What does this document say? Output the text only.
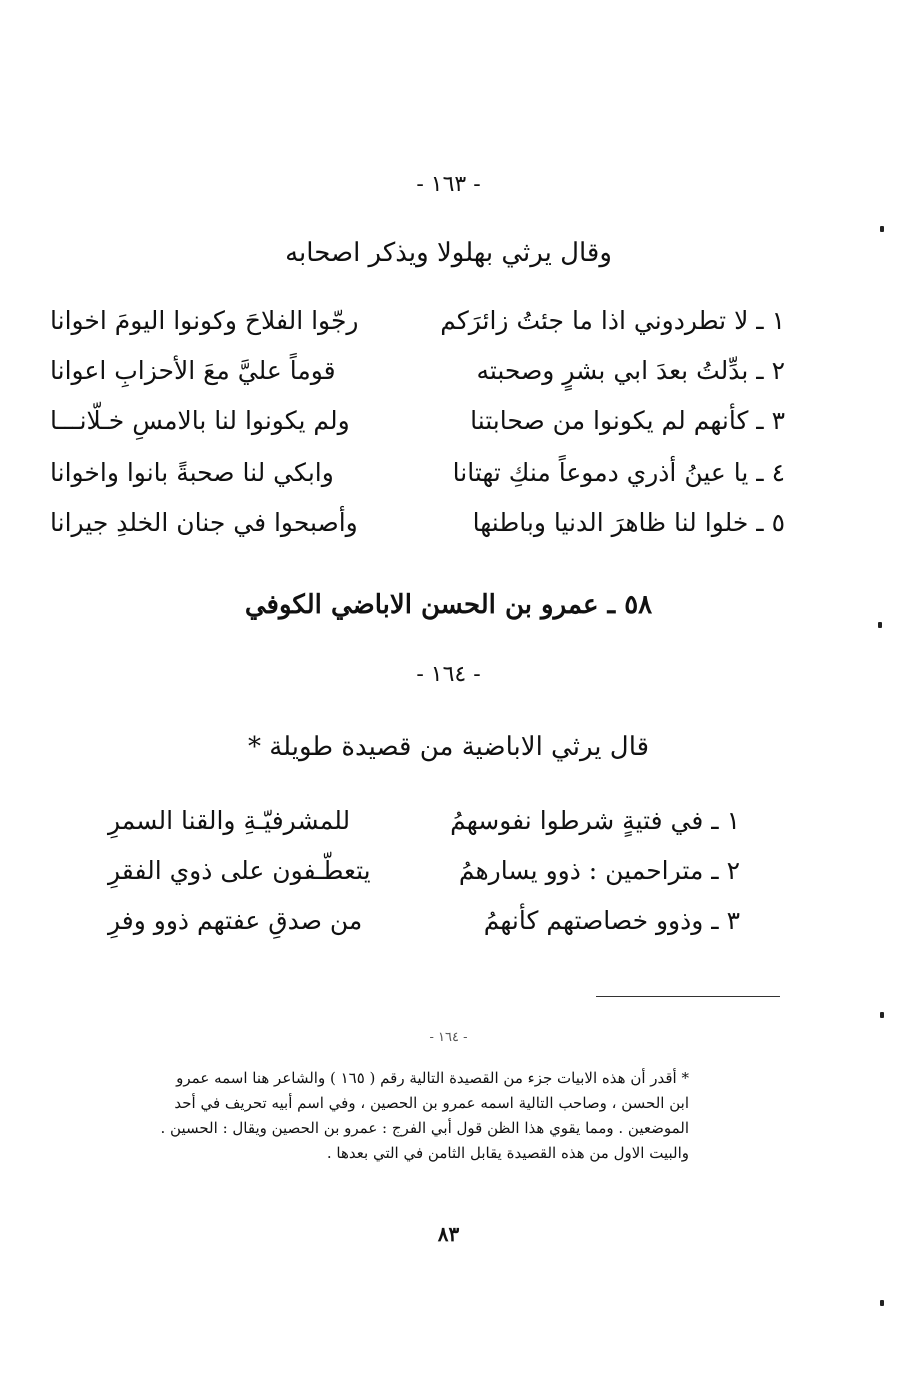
- ١٦٣ -
وقال يرثي بهلولا ويذكر اصحابه
١ ـ لا تطردوني اذا ما جئتُ زائرَكم
رجّوا الفلاحَ وكونوا اليومَ اخوانا
٢ ـ بدِّلتُ بعدَ ابي بشرٍ وصحبته
قوماً عليَّ معَ الأحزابِ اعوانا
٣ ـ كأنهم لم يكونوا من صحابتنا
ولم يكونوا لنا بالامسِ خـلّانـــا
٤ ـ يا عينُ أذري دموعاً منكِ تهتانا
وابكي لنا صحبةً بانوا واخوانا
٥ ـ خلوا لنا ظاهرَ الدنيا وباطنها
وأصبحوا في جنان الخلدِ جيرانا
٥٨ ـ عمرو بن الحسن الاباضي الكوفي
- ١٦٤ -
قال يرثي الاباضية من قصيدة طويلة *
١ ـ في فتيةٍ شرطوا نفوسهمُ
للمشرفيّـةِ والقنا السمرِ
٢ ـ متراحمين : ذوو يسارهمُ
يتعطّـفون على ذوي الفقرِ
٣ ـ وذوو خصاصتهم كأنهمُ
من صدقِ عفتهم ذوو وفرِ
- ١٦٤ -

* أقدر أن هذه الابيات جزء من القصيدة التالية رقم ( ١٦٥ ) والشاعر هنا اسمه عمرو

ابن الحسن ، وصاحب التالية اسمه عمرو بن الحصين ، وفي اسم أبيه تحريف في أحد

الموضعين . ومما يقوي هذا الظن قول أبي الفرج : عمرو بن الحصين ويقال : الحسين .

والبيت الاول من هذه القصيدة يقابل الثامن في التي بعدها .

٨٣
